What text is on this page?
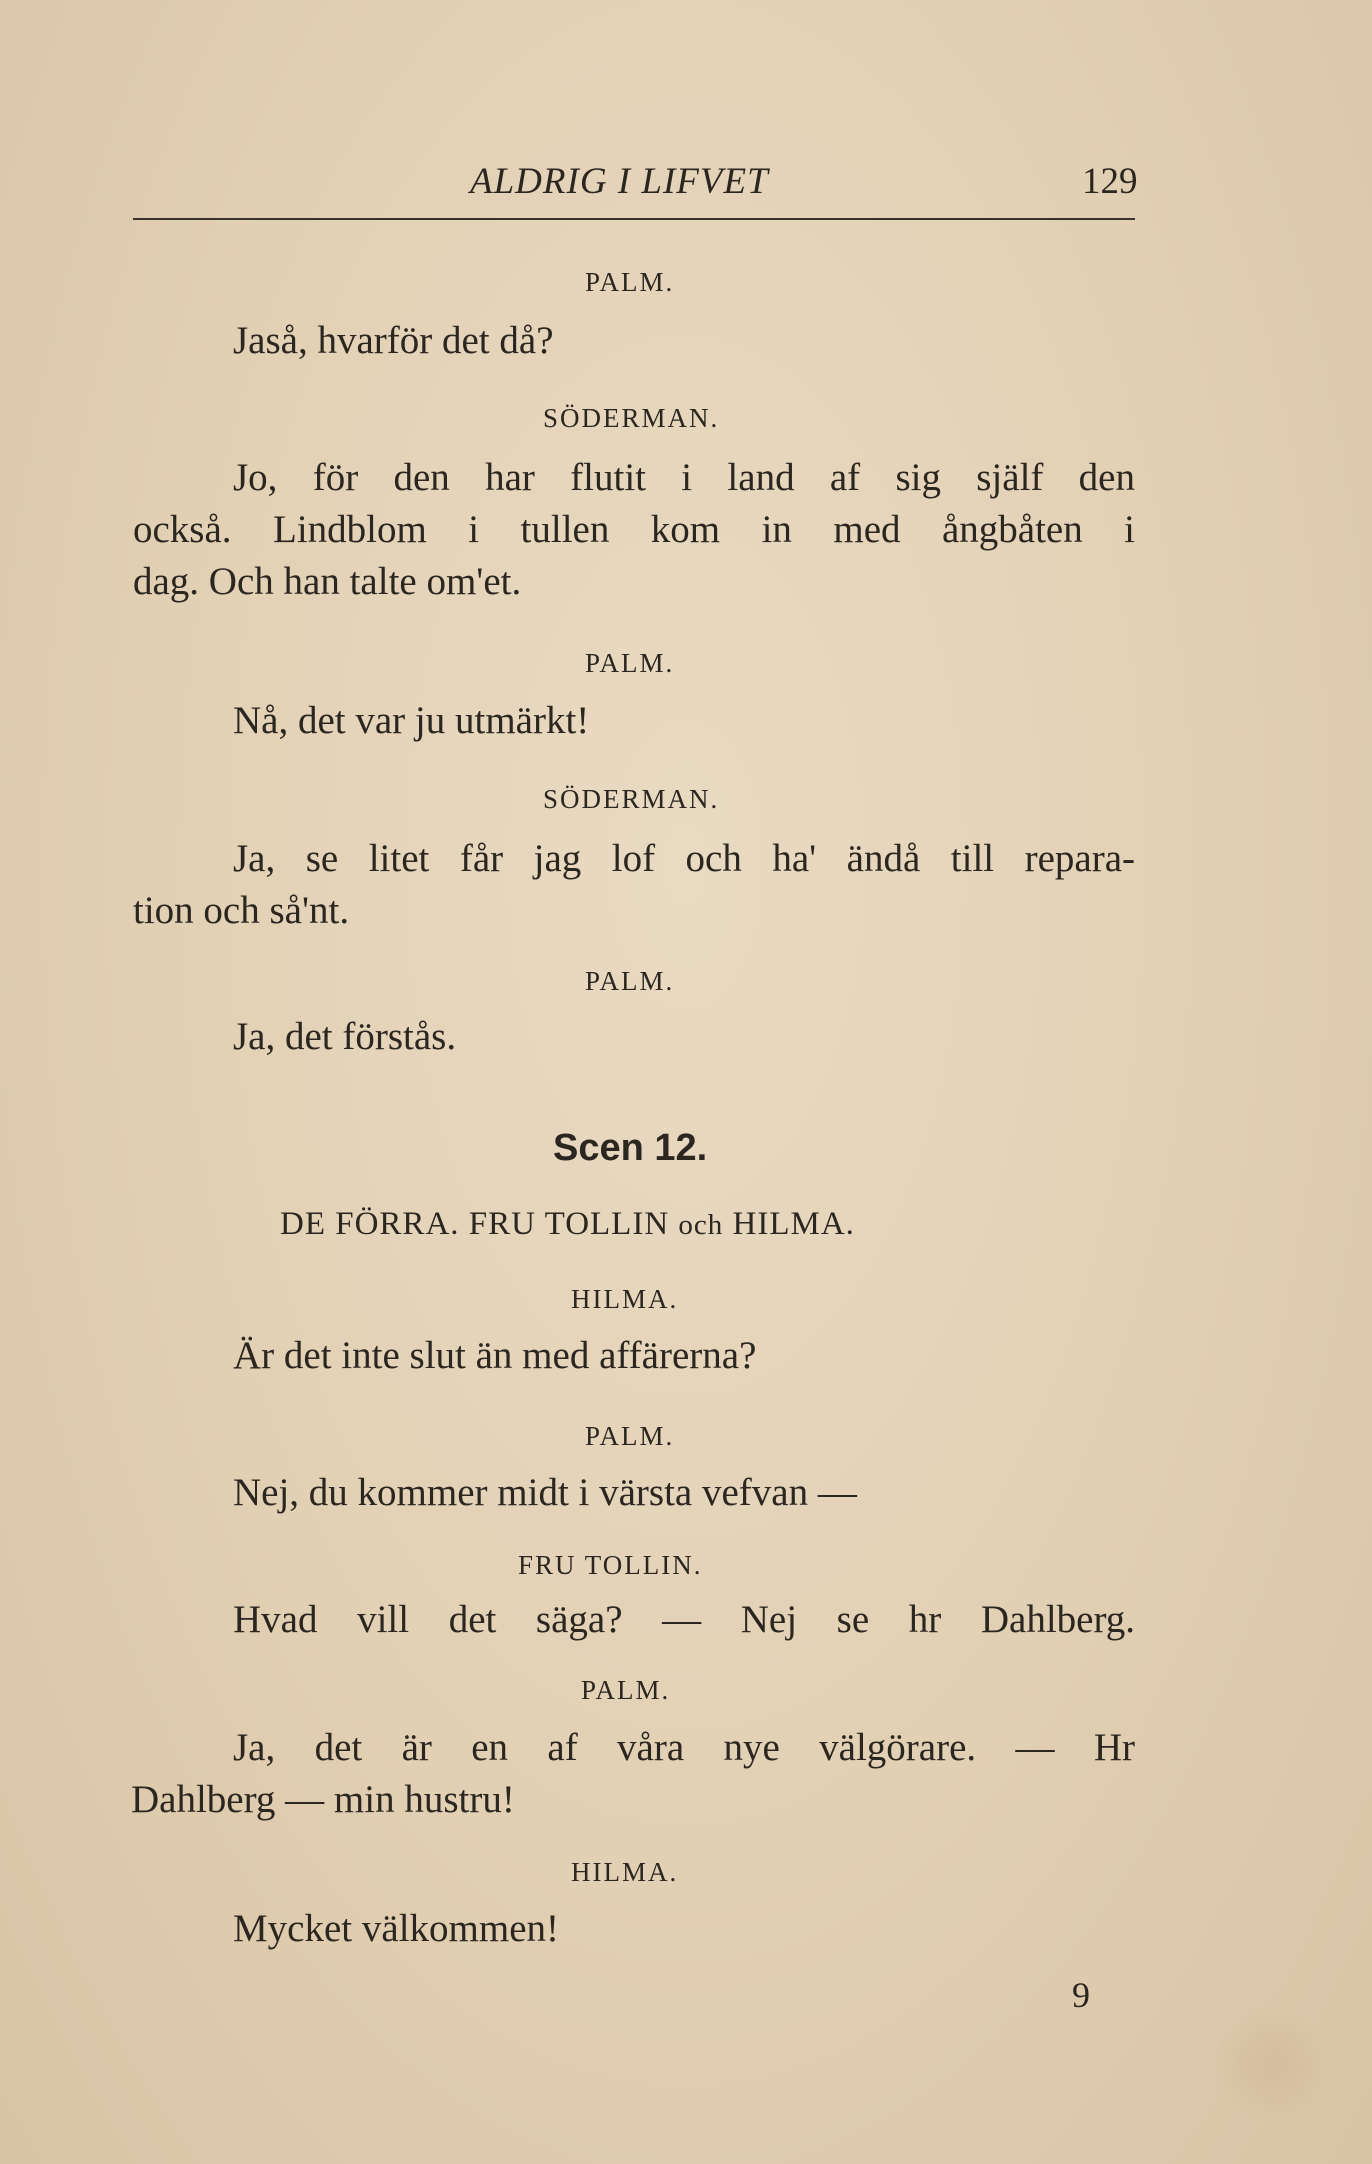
ALDRIG I LIFVET	129
PALM.
Jaså, hvarför det då?
SÖDERMAN.
Jo, för den har flutit i land af sig själf den
också. Lindblom i tullen kom in med ångbåten i
dag. Och han talte om'et.
PALM.
Nå, det var ju utmärkt!
SÖDERMAN.
Ja, se litet får jag lof och ha' ändå till repara-
tion och så'nt.
PALM.
Ja, det förstås.
Scen 12.
DE FÖRRA. FRU TOLLIN och HILMA.
HILMA.
Är det inte slut än med affärerna?
PALM.
Nej, du kommer midt i värsta vefvan —
FRU TOLLIN.
Hvad vill det säga? — Nej se hr Dahlberg.
PALM.
Ja, det är en af våra nye välgörare. — Hr
Dahlberg — min hustru!
HILMA.
Mycket välkommen!
9
